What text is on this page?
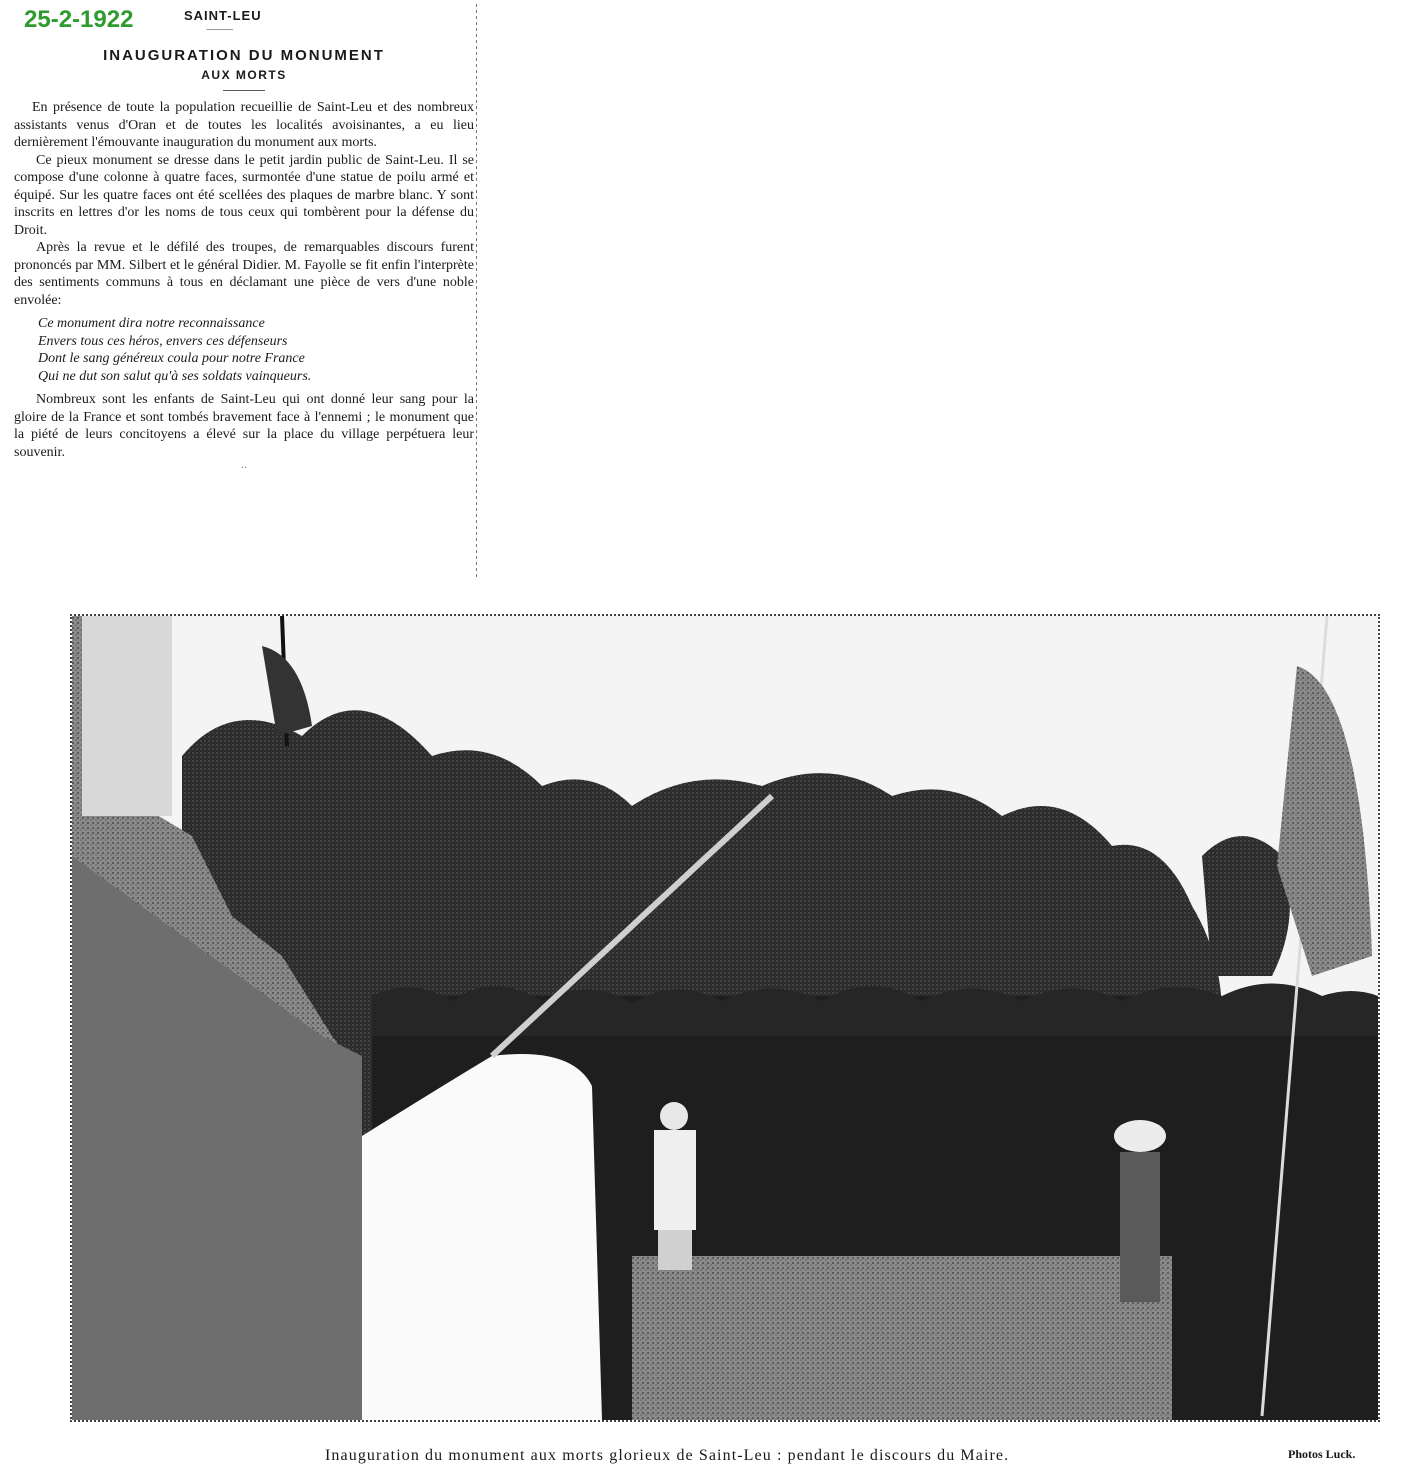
25-2-1922	SAINT-LEU
⸻
INAUGURATION DU MONUMENT
AUX MORTS

En présence de toute la population recueillie de Saint-Leu et des nombreux assistants venus d'Oran et de toutes les localités avoisinantes, a eu lieu dernièrement l'émouvante inauguration du monument aux morts.

Ce pieux monument se dresse dans le petit jardin public de Saint-Leu. Il se compose d'une colonne à quatre faces, surmontée d'une statue de poilu armé et équipé. Sur les quatre faces ont été scellées des plaques de marbre blanc. Y sont inscrits en lettres d'or les noms de tous ceux qui tombèrent pour la défense du Droit.

Après la revue et le défilé des troupes, de remarquables discours furent prononcés par MM. Silbert et le général Didier. M. Fayolle se fit enfin l'interprète des sentiments communs à tous en déclamant une pièce de vers d'une noble envolée:

Ce monument dira notre reconnaissance
Envers tous ces héros, envers ces défenseurs
Dont le sang généreux coula pour notre France
Qui ne dut son salut qu'à ses soldats vainqueurs.

Nombreux sont les enfants de Saint-Leu qui ont donné leur sang pour la gloire de la France et sont tombés bravement face à l'ennemi ; le monument que la piété de leurs concitoyens a élevé sur la place du village perpétuera leur souvenir.

··
Inauguration du monument aux morts glorieux de Saint-Leu : pendant le discours du Maire.	Photos Luck.
